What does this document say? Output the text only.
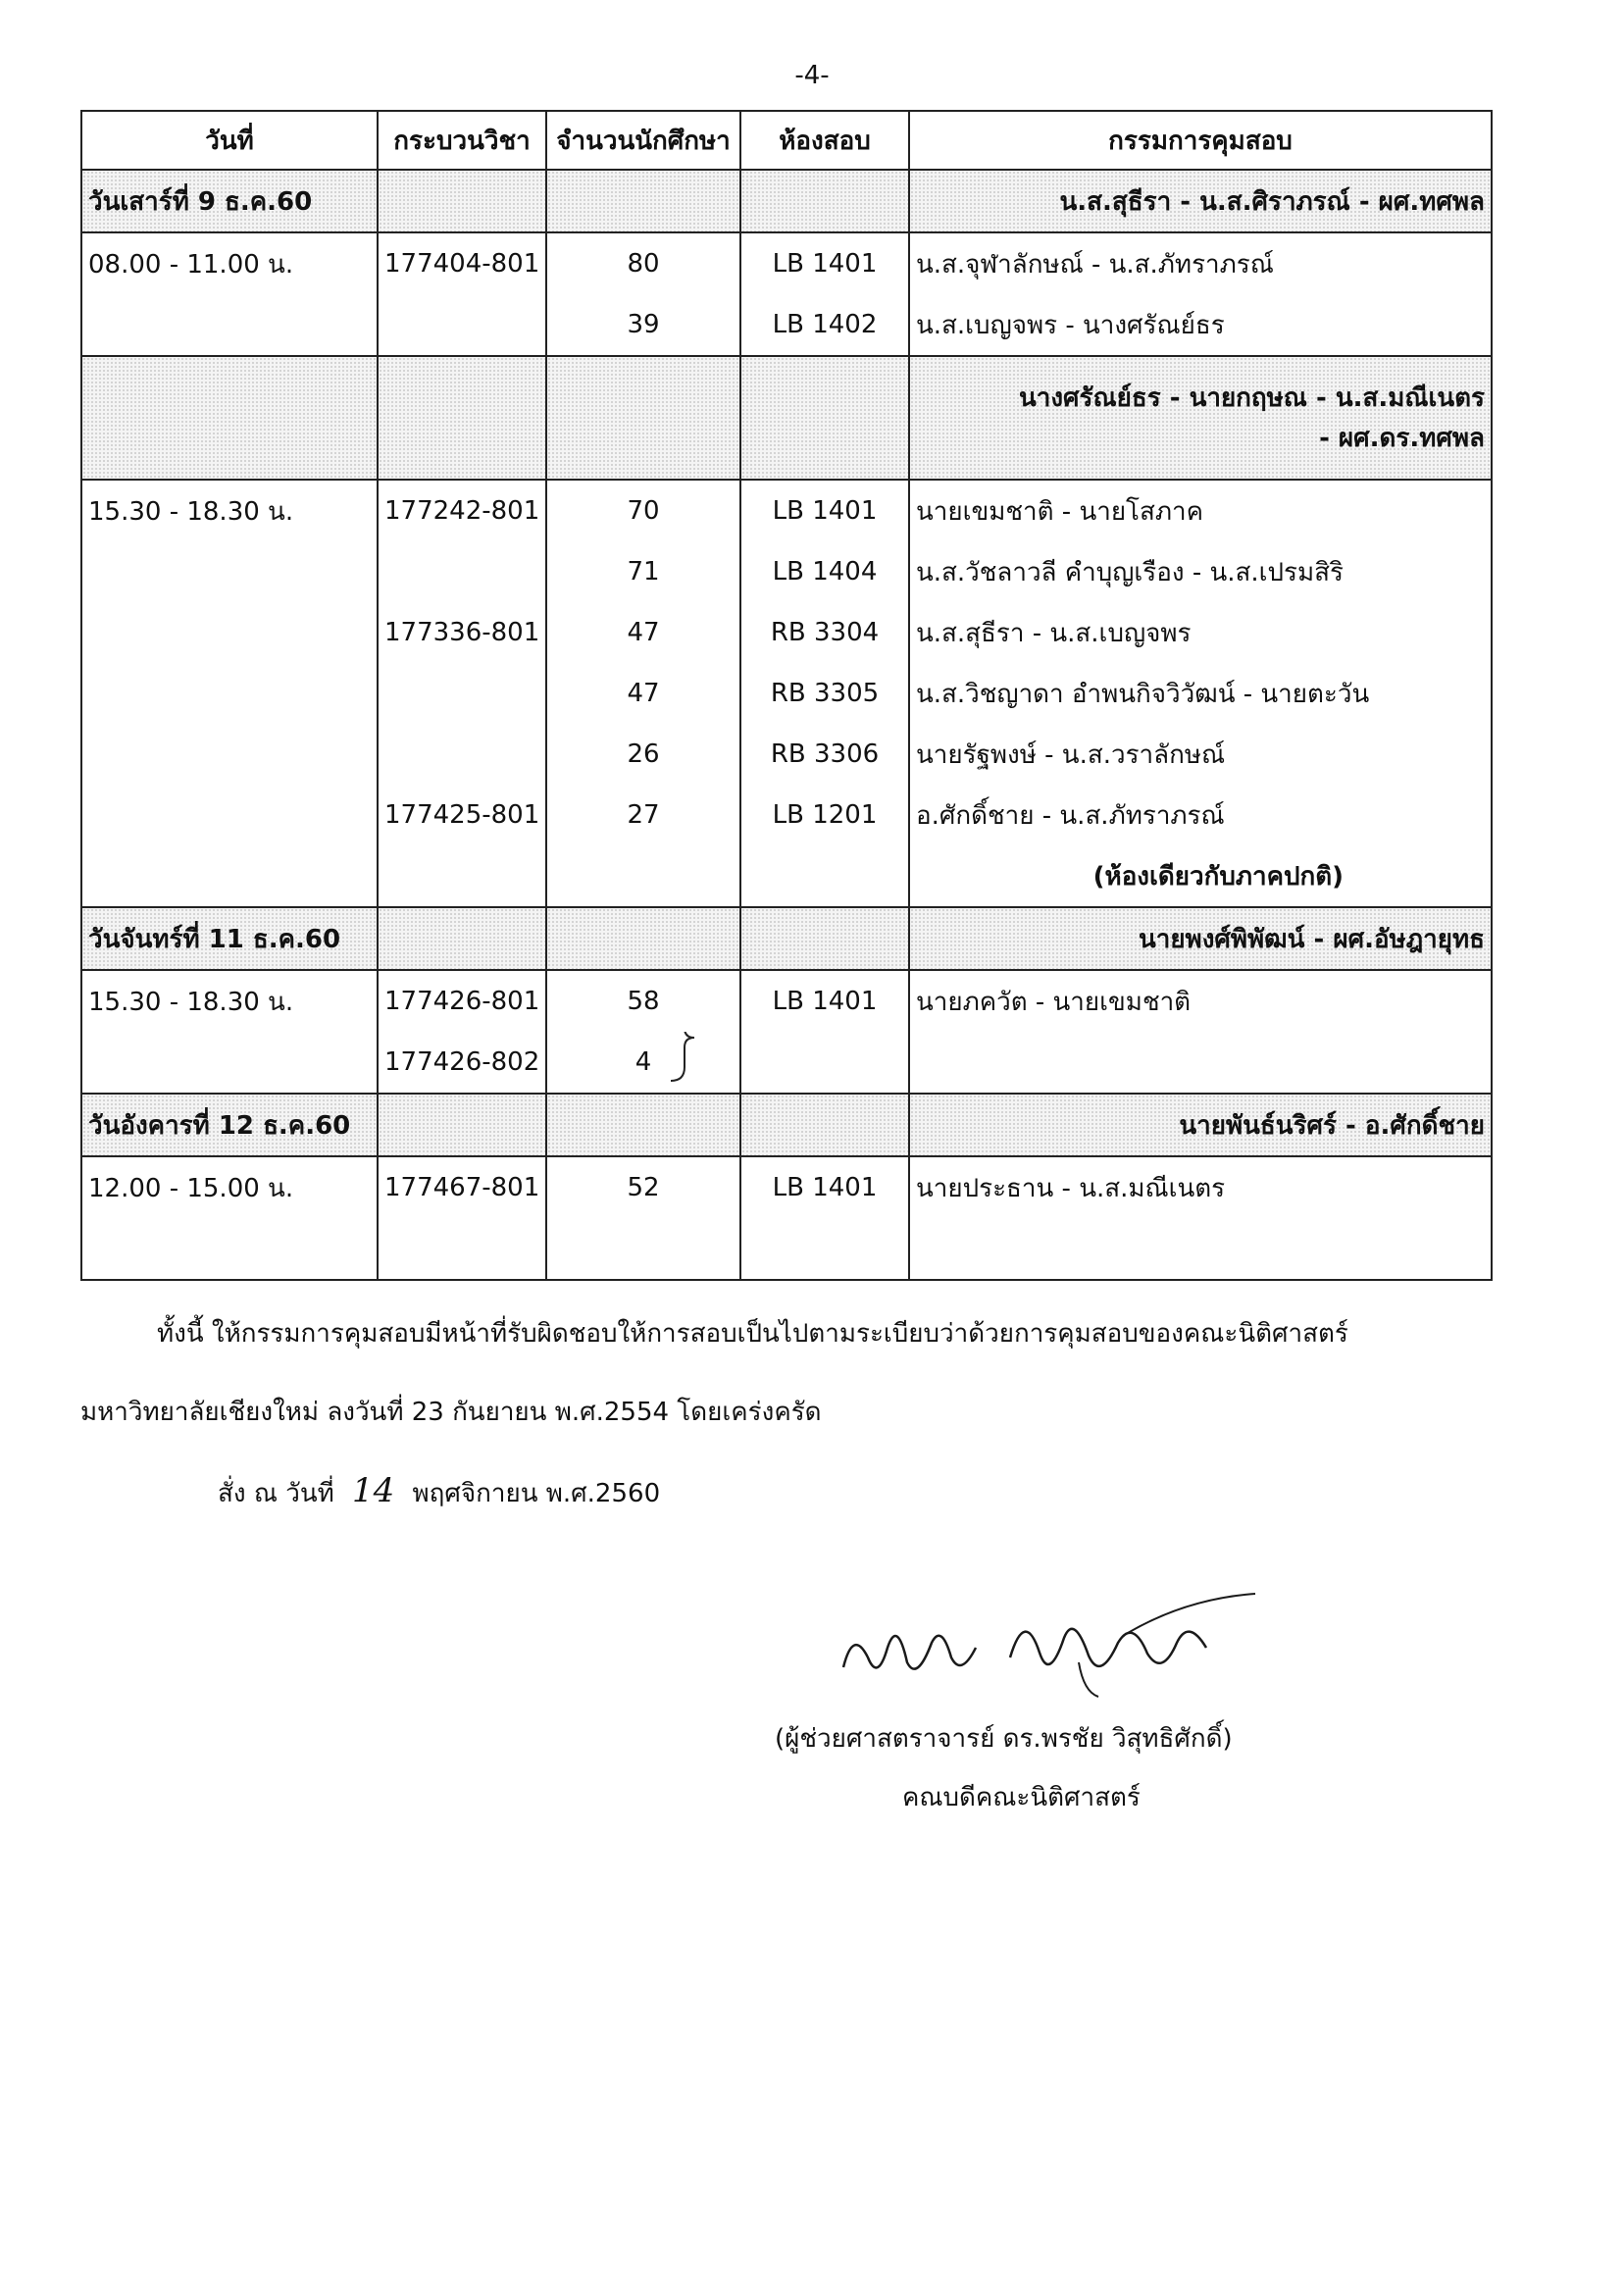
-4-
วันที่	กระบวนวิชา	จำนวนนักศึกษา	ห้องสอบ	กรรมการคุมสอบ
วันเสาร์ที่ 9 ธ.ค.60				น.ส.สุธีรา - น.ส.ศิราภรณ์ - ผศ.ทศพล
08.00 - 11.00 น.	177404-801	80	LB 1401	น.ส.จุฬาลักษณ์ - น.ส.ภัทราภรณ์
		39	LB 1402	น.ส.เบญจพร - นางศรัณย์ธร

				นางศรัณย์ธร - นายกฤษณ - น.ส.มณีเนตร
- ผศ.ดร.ทศพล

15.30 - 18.30 น.	177242-801	70	LB 1401	นายเขมชาติ - นายโสภาค
		71	LB 1404	น.ส.วัชลาวลี คำบุญเรือง - น.ส.เปรมสิริ
	177336-801	47	RB 3304	น.ส.สุธีรา - น.ส.เบญจพร
		47	RB 3305	น.ส.วิชญาดา อำพนกิจวิวัฒน์ - นายตะวัน
		26	RB 3306	นายรัฐพงษ์ - น.ส.วราลักษณ์
	177425-801	27	LB 1201	อ.ศักดิ์ชาย - น.ส.ภัทราภรณ์
				(ห้องเดียวกับภาคปกติ)
วันจันทร์ที่ 11 ธ.ค.60				นายพงศ์พิพัฒน์ - ผศ.อัษฎายุทธ
15.30 - 18.30 น.	177426-801	58	LB 1401	นายภควัต - นายเขมชาติ
	177426-802	4

วันอังคารที่ 12 ธ.ค.60				นายพันธ์นริศร์ - อ.ศักดิ์ชาย
12.00 - 15.00 น.	177467-801	52	LB 1401	นายประธาน - น.ส.มณีเนตร

ทั้งนี้ ให้กรรมการคุมสอบมีหน้าที่รับผิดชอบให้การสอบเป็นไปตามระเบียบว่าด้วยการคุมสอบของคณะนิติศาสตร์
มหาวิทยาลัยเชียงใหม่ ลงวันที่ 23 กันยายน พ.ศ.2554 โดยเคร่งครัด
สั่ง ณ วันที่ 14 พฤศจิกายน พ.ศ.2560
(ผู้ช่วยศาสตราจารย์ ดร.พรชัย วิสุทธิศักดิ์)
คณบดีคณะนิติศาสตร์
